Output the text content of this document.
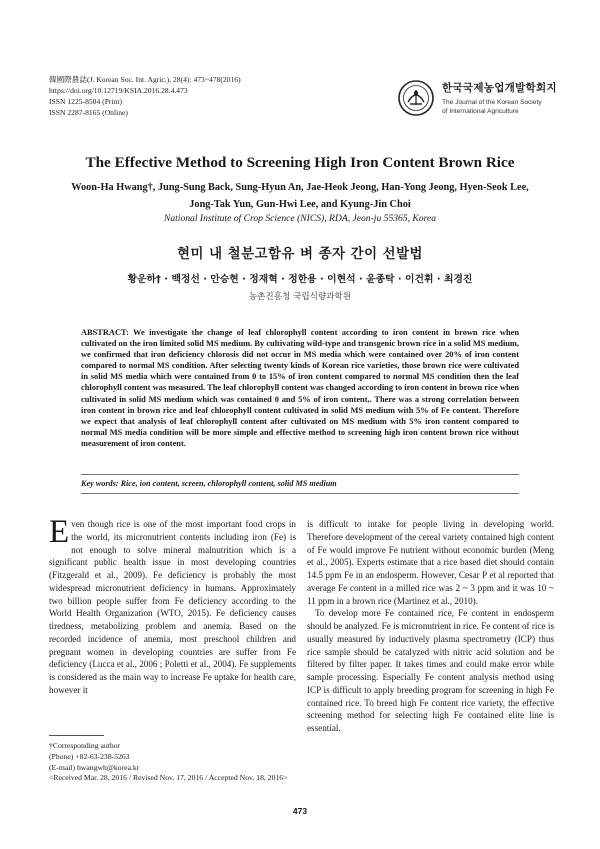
韓國際農誌(J. Korean Soc. Int. Agric.), 28(4): 473~478(2016)
https://doi.org/10.12719/KSIA.2016.28.4.473
ISSN 1225-8504 (Print)
ISSN 2287-8165 (Online)
한국국제농업개발학회지
The Journal of the Korean Society
of International Agriculture
The Effective Method to Screening High Iron Content Brown Rice
Woon-Ha Hwang†, Jung-Sung Back, Sung-Hyun An, Jae-Heok Jeong, Han-Yong Jeong, Hyen-Seok Lee,
Jong-Tak Yun, Gun-Hwi Lee, and Kyung-Jin Choi
National Institute of Crop Science (NICS), RDA, Jeon-ju 55365, Korea
현미 내 철분고함유 벼 종자 간이 선발법
황운하† · 백정선 · 안승현 · 정재혁 · 정한용 · 이현석 · 윤종탁 · 이건휘 · 최경진
농촌진흥청 국립식량과학원
ABSTRACT: We investigate the change of leaf chlorophyll content according to iron content in brown rice when cultivated on the iron limited solid MS medium. By cultivating wild-type and transgenic brown rice in a solid MS medium, we confirmed that iron deficiency chlorosis did not occur in MS media which were contained over 20% of iron content compared to normal MS condition. After selecting twenty kinds of Korean rice varieties, those brown rice were cultivated in solid MS media which were contained from 0 to 15% of iron content compared to normal MS condition then the leaf chlorophyll content was measured. The leaf chlorophyll content was changed according to iron content in brown rice when cultivated in solid MS medium which was contained 0 and 5% of iron content,. There was a strong correlation between iron content in brown rice and leaf chlorophyll content cultivated in solid MS medium with 5% of Fe content. Therefore we expect that analysis of leaf chlorophyll content after cultivated on MS medium with 5% iron content compared to normal MS media condition will be more simple and effective method to screening high iron content brown rice without measurement of iron content.
Key words: Rice, ion content, screen, chlorophyll content, solid MS medium

Even though rice is one of the most important food crops in the world, its micronutrient contents including iron (Fe) is not enough to solve mineral malnutrition which is a significant public health issue in most developing countries (Fitzgerald et al., 2009). Fe deficiency is probably the most widespread micronutrient deficiency in humans. Approximately two billion people suffer from Fe deficiency according to the World Health Organization (WTO, 2015). Fe deficiency causes tiredness, metabolizing problem and anemia. Based on the recorded incidence of anemia, most preschool children and pregnant women in developing countries are suffer from Fe deficiency (Lucca et al., 2006 ; Poletti et al., 2004). Fe supplements is considered as the main way to increase Fe uptake for health care, however it

is difficult to intake for people living in developing world. Therefore development of the cereal variety contained high content of Fe would improve Fe nutrient without economic burden (Meng et al., 2005). Experts estimate that a rice based diet should contain 14.5 ppm Fe in an endosperm. However, Cesar P et al reported that average Fe content in a milled rice was 2 ~ 3 ppm and it was 10 ~ 11 ppm in a brown rice (Martinez et al., 2010).

To develop more Fe contained rice, Fe content in endosperm should be analyzed. Fe is micronutrient in rice. Fe content of rice is usually measured by inductively plasma spectrometry (ICP) thus rice sample should be catalyzed with nitric acid solution and be filtered by filter paper. It takes times and could make error while sample processing. Especially Fe content analysis method using ICP is difficult to apply breeding program for screening in high Fe contained rice. To breed high Fe content rice variety, the effective screening method for selecting high Fe contained elite line is essential.

†Corresponding author
(Phone) +82-63-238-5263
(E-mail) hwangwh@korea.kr
<Received Mar. 28, 2016 / Revised Nov. 17, 2016 / Accepted Nov. 18, 2016>
473
